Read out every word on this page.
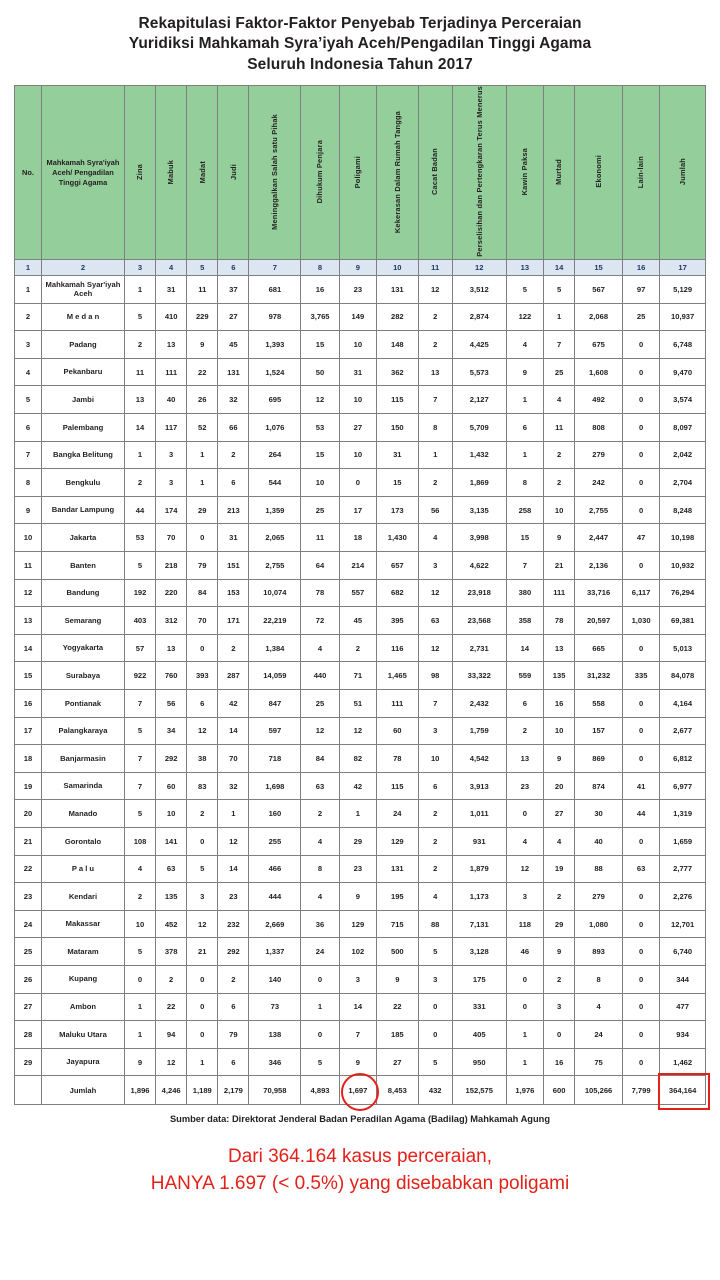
Rekapitulasi Faktor-Faktor Penyebab Terjadinya Perceraian
Yuridiksi Mahkamah Syra’iyah Aceh/Pengadilan Tinggi Agama
Seluruh Indonesia Tahun 2017
No.	Mahkamah Syra'iyah Aceh/ Pengadilan Tinggi Agama	Zina	Mabuk	Madat	Judi	Meninggalkan Salah satu Pihak	Dihukum Penjara	Poligami	Kekerasan Dalam Rumah Tangga	Cacat Badan	Perselisihan dan Pertengkaran Terus Menerus	Kawin Paksa	Murtad	Ekonomi	Lain-lain	Jumlah
1	2	3	4	5	6	7	8	9	10	11	12	13	14	15	16	17
1	Mahkamah Syar'iyah Aceh	1	31	11	37	681	16	23	131	12	3,512	5	5	567	97	5,129
2	M e d a n	5	410	229	27	978	3,765	149	282	2	2,874	122	1	2,068	25	10,937
3	Padang	2	13	9	45	1,393	15	10	148	2	4,425	4	7	675	0	6,748
4	Pekanbaru	11	111	22	131	1,524	50	31	362	13	5,573	9	25	1,608	0	9,470
5	Jambi	13	40	26	32	695	12	10	115	7	2,127	1	4	492	0	3,574
6	Palembang	14	117	52	66	1,076	53	27	150	8	5,709	6	11	808	0	8,097
7	Bangka Belitung	1	3	1	2	264	15	10	31	1	1,432	1	2	279	0	2,042
8	Bengkulu	2	3	1	6	544	10	0	15	2	1,869	8	2	242	0	2,704
9	Bandar Lampung	44	174	29	213	1,359	25	17	173	56	3,135	258	10	2,755	0	8,248
10	Jakarta	53	70	0	31	2,065	11	18	1,430	4	3,998	15	9	2,447	47	10,198
11	Banten	5	218	79	151	2,755	64	214	657	3	4,622	7	21	2,136	0	10,932
12	Bandung	192	220	84	153	10,074	78	557	682	12	23,918	380	111	33,716	6,117	76,294
13	Semarang	403	312	70	171	22,219	72	45	395	63	23,568	358	78	20,597	1,030	69,381
14	Yogyakarta	57	13	0	2	1,384	4	2	116	12	2,731	14	13	665	0	5,013
15	Surabaya	922	760	393	287	14,059	440	71	1,465	98	33,322	559	135	31,232	335	84,078
16	Pontianak	7	56	6	42	847	25	51	111	7	2,432	6	16	558	0	4,164
17	Palangkaraya	5	34	12	14	597	12	12	60	3	1,759	2	10	157	0	2,677
18	Banjarmasin	7	292	38	70	718	84	82	78	10	4,542	13	9	869	0	6,812
19	Samarinda	7	60	83	32	1,698	63	42	115	6	3,913	23	20	874	41	6,977
20	Manado	5	10	2	1	160	2	1	24	2	1,011	0	27	30	44	1,319
21	Gorontalo	108	141	0	12	255	4	29	129	2	931	4	4	40	0	1,659
22	P a l u	4	63	5	14	466	8	23	131	2	1,879	12	19	88	63	2,777
23	Kendari	2	135	3	23	444	4	9	195	4	1,173	3	2	279	0	2,276
24	Makassar	10	452	12	232	2,669	36	129	715	88	7,131	118	29	1,080	0	12,701
25	Mataram	5	378	21	292	1,337	24	102	500	5	3,128	46	9	893	0	6,740
26	Kupang	0	2	0	2	140	0	3	9	3	175	0	2	8	0	344
27	Ambon	1	22	0	6	73	1	14	22	0	331	0	3	4	0	477
28	Maluku Utara	1	94	0	79	138	0	7	185	0	405	1	0	24	0	934
29	Jayapura	9	12	1	6	346	5	9	27	5	950	1	16	75	0	1,462
	Jumlah	1,896	4,246	1,189	2,179	70,958	4,893	1,697	8,453	432	152,575	1,976	600	105,266	7,799	364,164
Sumber data: Direktorat Jenderal Badan Peradilan Agama (Badilag) Mahkamah Agung
Dari 364.164 kasus perceraian,
HANYA 1.697 (< 0.5%) yang disebabkan poligami
